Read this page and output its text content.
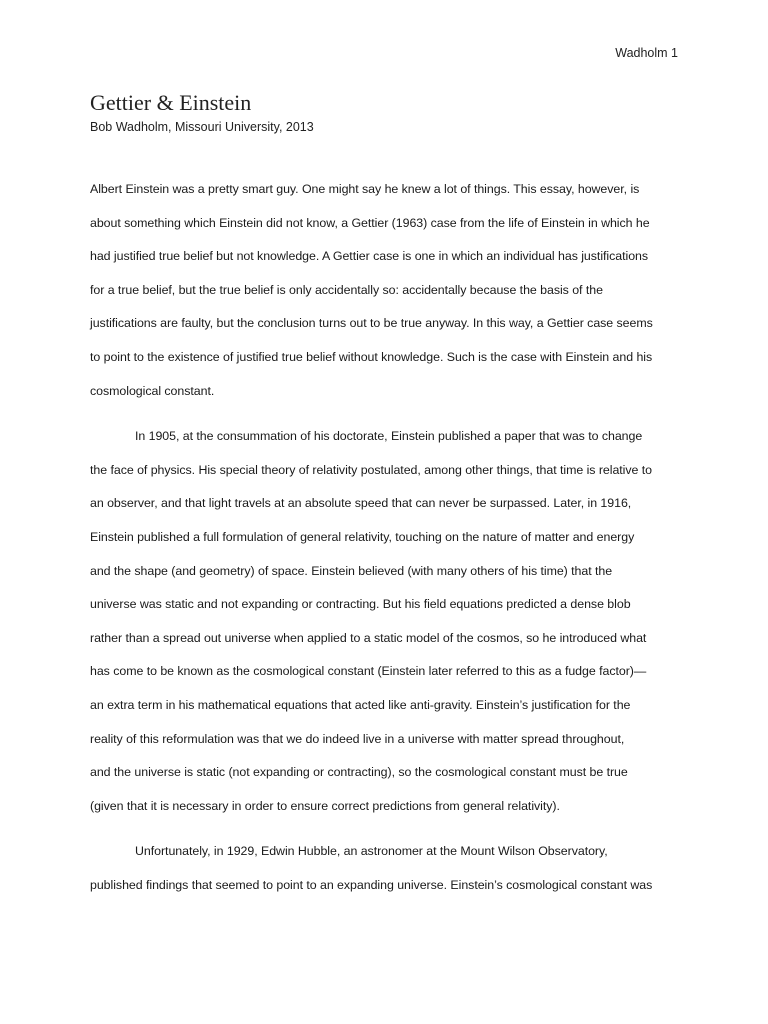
Wadholm 1
Gettier & Einstein
Bob Wadholm, Missouri University, 2013
Albert Einstein was a pretty smart guy. One might say he knew a lot of things. This essay, however, is
about something which Einstein did not know, a Gettier (1963) case from the life of Einstein in which he
had justified true belief but not knowledge. A Gettier case is one in which an individual has justifications
for a true belief, but the true belief is only accidentally so: accidentally because the basis of the
justifications are faulty, but the conclusion turns out to be true anyway. In this way, a Gettier case seems
to point to the existence of justified true belief without knowledge. Such is the case with Einstein and his
cosmological constant.
In 1905, at the consummation of his doctorate, Einstein published a paper that was to change
the face of physics. His special theory of relativity postulated, among other things, that time is relative to
an observer, and that light travels at an absolute speed that can never be surpassed. Later, in 1916,
Einstein published a full formulation of general relativity, touching on the nature of matter and energy
and the shape (and geometry) of space. Einstein believed (with many others of his time) that the
universe was static and not expanding or contracting. But his field equations predicted a dense blob
rather than a spread out universe when applied to a static model of the cosmos, so he introduced what
has come to be known as the cosmological constant (Einstein later referred to this as a fudge factor)—
an extra term in his mathematical equations that acted like anti-gravity. Einstein’s justification for the
reality of this reformulation was that we do indeed live in a universe with matter spread throughout,
and the universe is static (not expanding or contracting), so the cosmological constant must be true
(given that it is necessary in order to ensure correct predictions from general relativity).
Unfortunately, in 1929, Edwin Hubble, an astronomer at the Mount Wilson Observatory,
published findings that seemed to point to an expanding universe. Einstein’s cosmological constant was
